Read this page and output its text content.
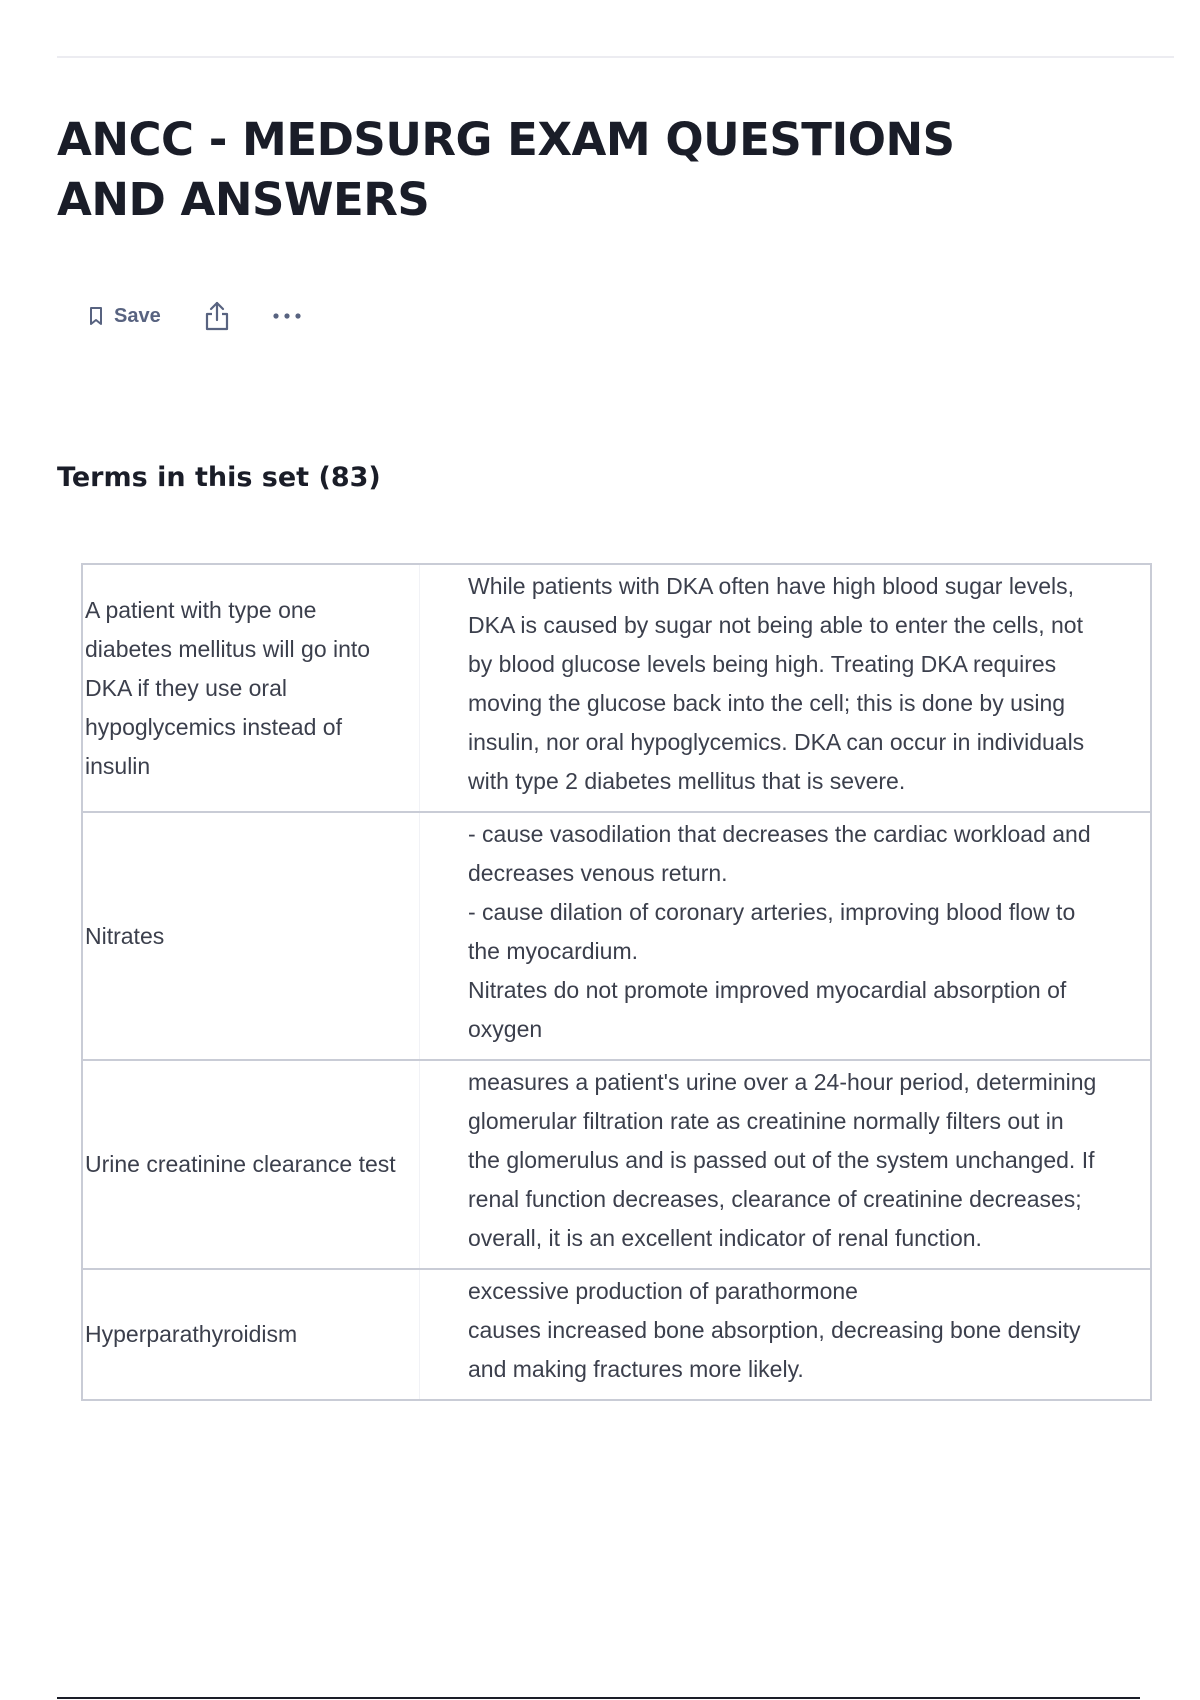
ANCC - MEDSURG EXAM QUESTIONS AND ANSWERS
Save
Terms in this set (83)
A patient with type one diabetes mellitus will go into DKA if they use oral hypoglycemics instead of insulin	While patients with DKA often have high blood sugar levels, DKA is caused by sugar not being able to enter the cells, not by blood glucose levels being high. Treating DKA requires moving the glucose back into the cell; this is done by using insulin, nor oral hypoglycemics. DKA can occur in individuals with type 2 diabetes mellitus that is severe.

Nitrates	- cause vasodilation that decreases the cardiac workload and decreases venous return.
- cause dilation of coronary arteries, improving blood flow to the myocardium.
Nitrates do not promote improved myocardial absorption of oxygen

Urine creatinine clearance test	measures a patient's urine over a 24-hour period, determining glomerular filtration rate as creatinine normally filters out in the glomerulus and is passed out of the system unchanged. If renal function decreases, clearance of creatinine decreases; overall, it is an excellent indicator of renal function.

Hyperparathyroidism	excessive production of parathormone
causes increased bone absorption, decreasing bone density and making fractures more likely.
